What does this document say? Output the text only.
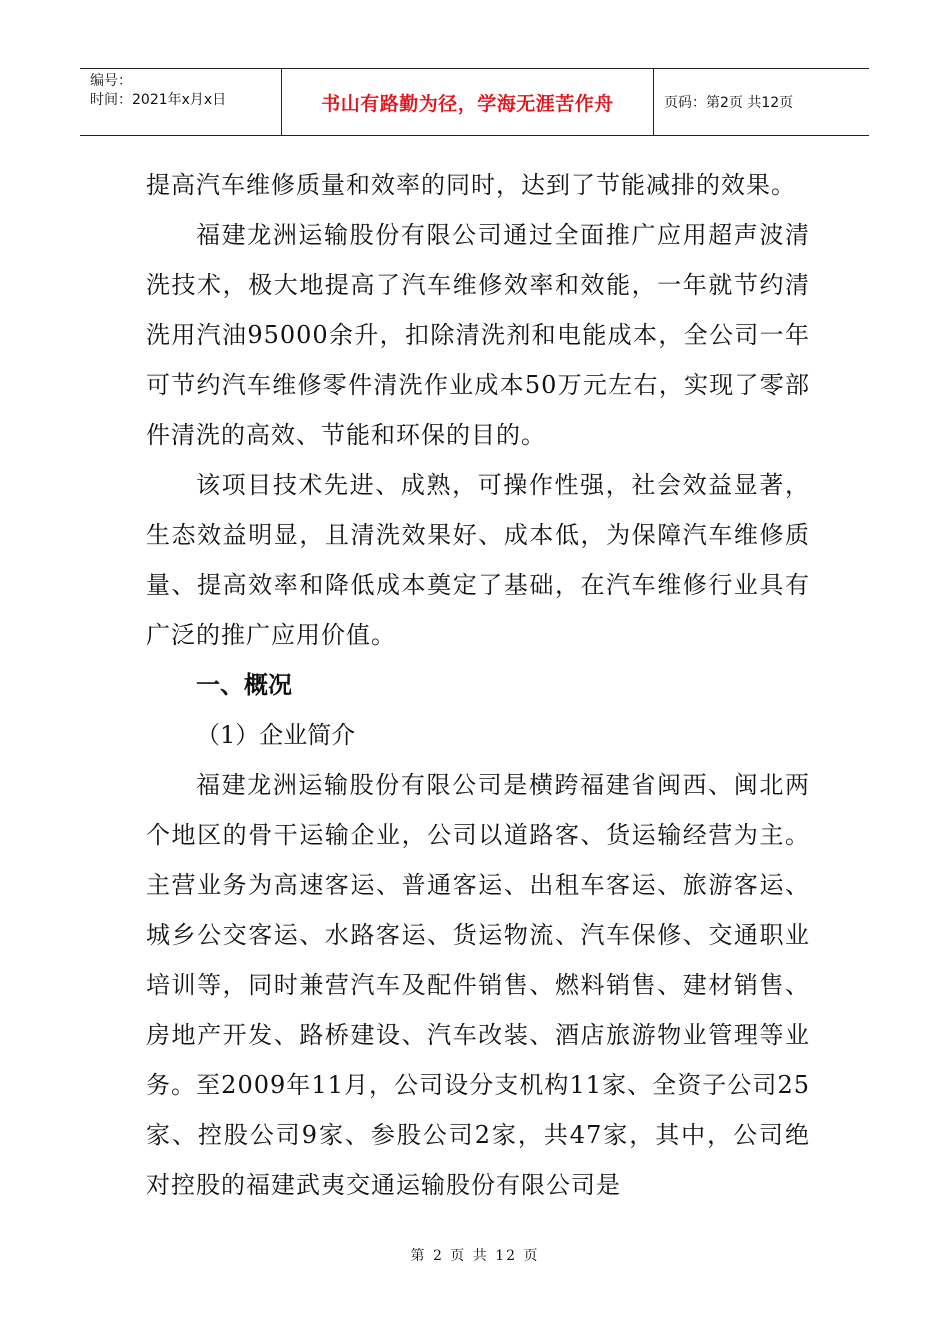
编号：
时间：2021年x月x日	书山有路勤为径，学海无涯苦作舟	页码：第2页 共12页

提高汽车维修质量和效率的同时，达到了节能减排的效果。

福建龙洲运输股份有限公司通过全面推广应用超声波清洗技术，极大地提高了汽车维修效率和效能，一年就节约清洗用汽油95000余升，扣除清洗剂和电能成本，全公司一年可节约汽车维修零件清洗作业成本50万元左右，实现了零部件清洗的高效、节能和环保的目的。

该项目技术先进、成熟，可操作性强，社会效益显著，生态效益明显，且清洗效果好、成本低，为保障汽车维修质量、提高效率和降低成本奠定了基础，在汽车维修行业具有广泛的推广应用价值。

一、概况

（1）企业简介

福建龙洲运输股份有限公司是横跨福建省闽西、闽北两个地区的骨干运输企业，公司以道路客、货运输经营为主。主营业务为高速客运、普通客运、出租车客运、旅游客运、城乡公交客运、水路客运、货运物流、汽车保修、交通职业培训等，同时兼营汽车及配件销售、燃料销售、建材销售、房地产开发、路桥建设、汽车改装、酒店旅游物业管理等业务。至2009年11月，公司设分支机构11家、全资子公司25家、控股公司9家、参股公司2家，共47家，其中，公司绝对控股的福建武夷交通运输股份有限公司是

第 2 页 共 12 页
